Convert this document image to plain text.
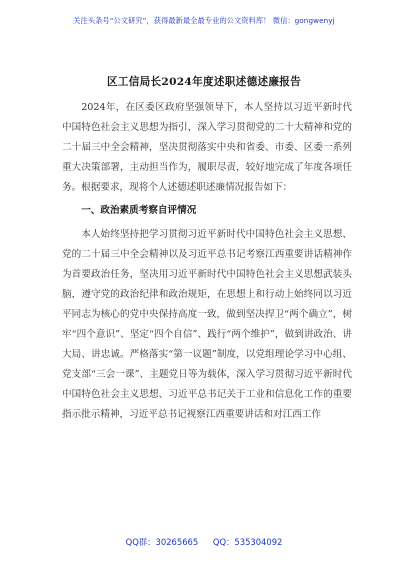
关注头条号“公文研究”，获得最新最全最专业的公文资料库！ 微信：gongwenyj
区工信局长2024年度述职述德述廉报告

2024年，在区委区政府坚强领导下，本人坚持以习近平新时代中国特色社会主义思想为指引，深入学习贯彻党的二十大精神和党的二十届三中全会精神，坚决贯彻落实中央和省委、市委、区委一系列重大决策部署，主动担当作为，履职尽责，较好地完成了年度各项任务。根据要求，现将个人述德述职述廉情况报告如下：

一、政治素质考察自评情况

本人始终坚持把学习贯彻习近平新时代中国特色社会主义思想、党的二十届三中全会精神以及习近平总书记考察江西重要讲话精神作为首要政治任务，坚决用习近平新时代中国特色社会主义思想武装头脑，遵守党的政治纪律和政治规矩，在思想上和行动上始终同以习近平同志为核心的党中央保持高度一致，做到坚决捍卫“两个确立”，树牢“四个意识”、坚定“四个自信”、践行“两个维护”，做到讲政治、讲大局、讲忠诚。严格落实“第一议题”制度，以党组理论学习中心组、党支部“三会一课”、主题党日等为载体，深入学习贯彻习近平新时代中国特色社会主义思想、习近平总书记关于工业和信息化工作的重要指示批示精神，习近平总书记视察江西重要讲话和对江西工作

QQ群：30265665 QQ：535304092
